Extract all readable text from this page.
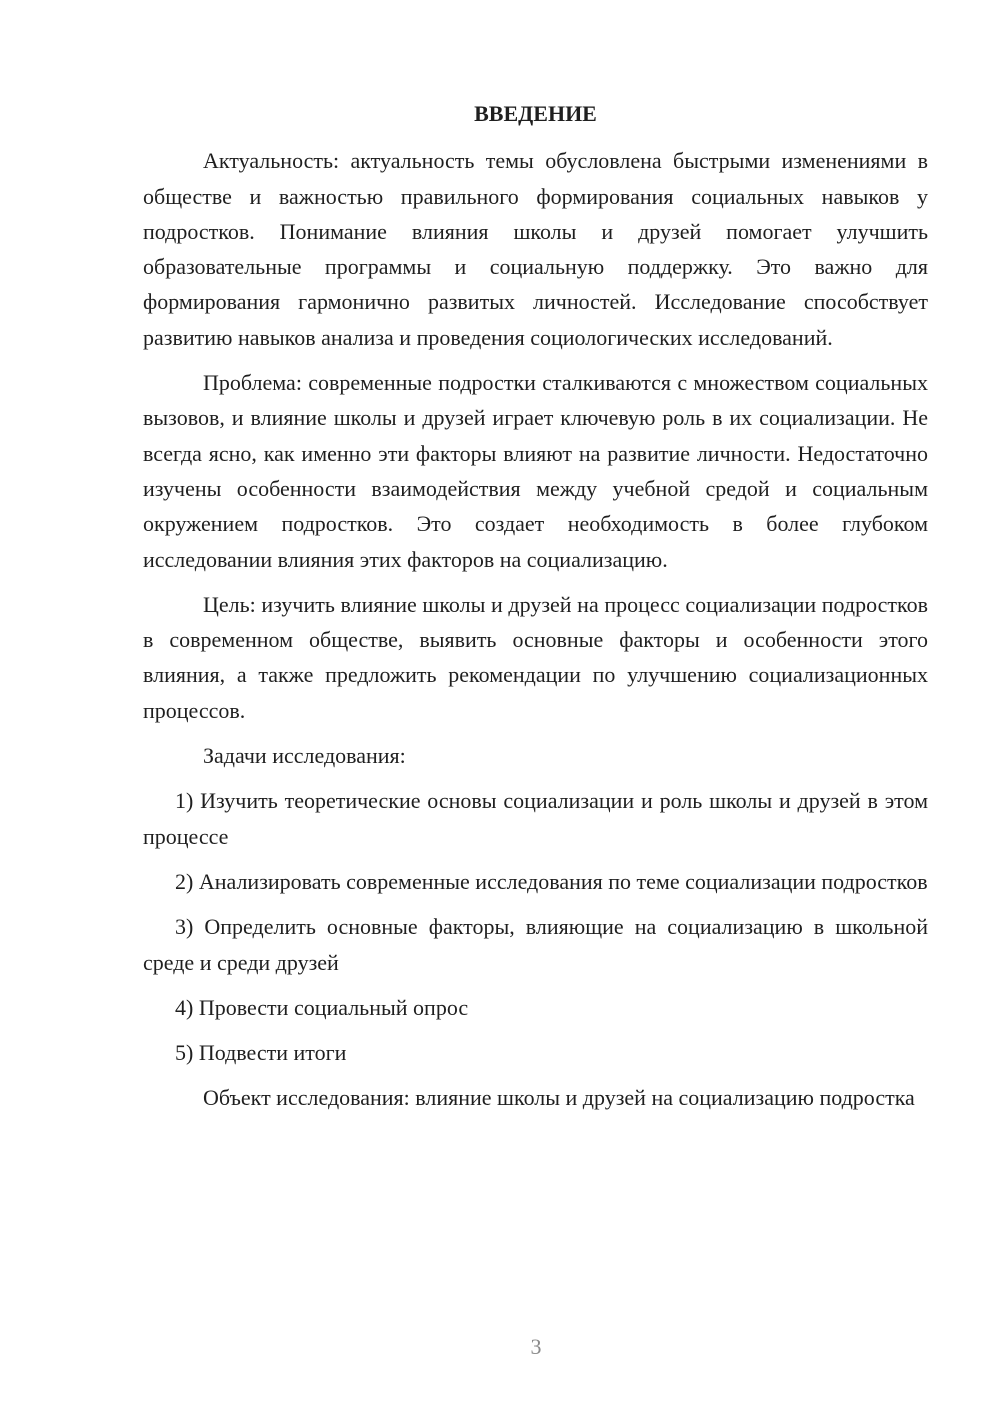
ВВЕДЕНИЕ

Актуальность: актуальность темы обусловлена быстрыми изменениями в обществе и важностью правильного формирования социальных навыков у подростков. Понимание влияния школы и друзей помогает улучшить образовательные программы и социальную поддержку. Это важно для формирования гармонично развитых личностей. Исследование способствует развитию навыков анализа и проведения социологических исследований.

Проблема: современные подростки сталкиваются с множеством социальных вызовов, и влияние школы и друзей играет ключевую роль в их социализации. Не всегда ясно, как именно эти факторы влияют на развитие личности. Недостаточно изучены особенности взаимодействия между учебной средой и социальным окружением подростков. Это создает необходимость в более глубоком исследовании влияния этих факторов на социализацию.

Цель: изучить влияние школы и друзей на процесс социализации подростков в современном обществе, выявить основные факторы и особенности этого влияния, а также предложить рекомендации по улучшению социализационных процессов.

Задачи исследования:

1) Изучить теоретические основы социализации и роль школы и друзей в этом процессе

2) Анализировать современные исследования по теме социализации подростков

3) Определить основные факторы, влияющие на социализацию в школьной среде и среди друзей

4) Провести социальный опрос

5) Подвести итоги

Объект исследования: влияние школы и друзей на социализацию подростка

3
